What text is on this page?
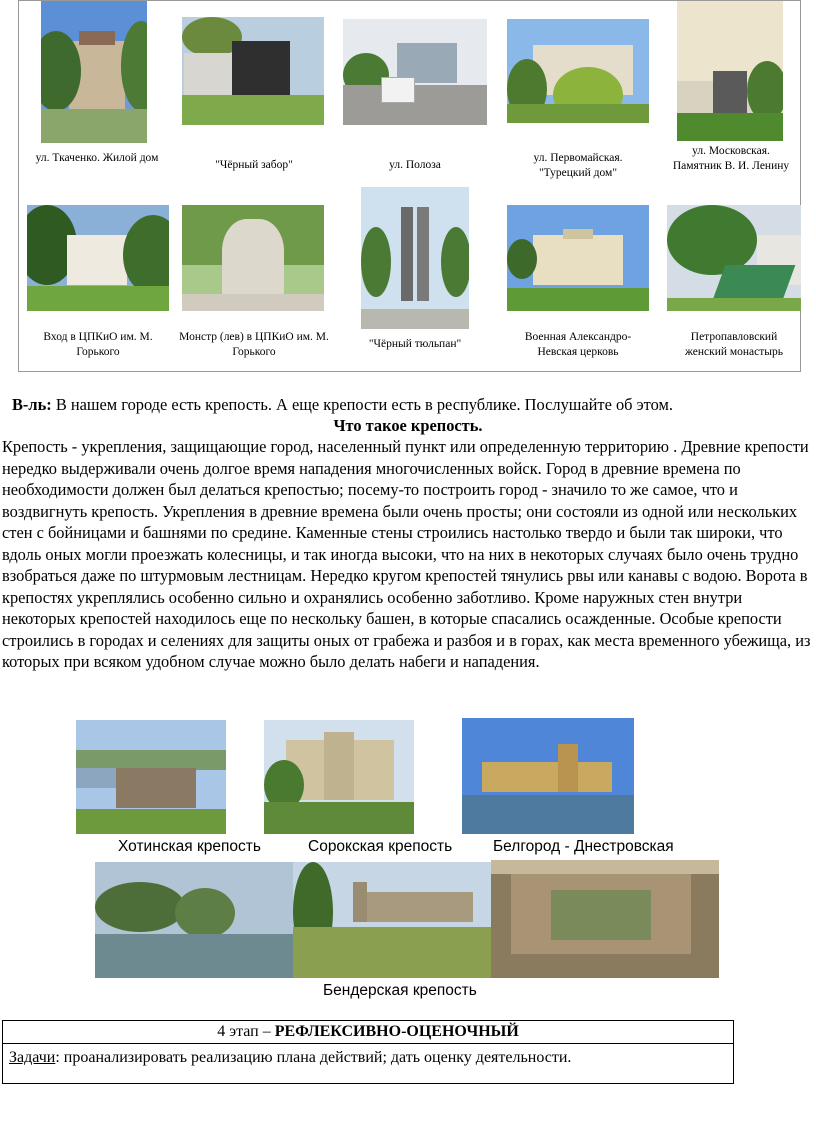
ул. Ткаченко. Жилой дом
"Чёрный забор"	ул. Полоза
ул. Первомайская. "Турецкий дом"
ул. Московская. Памятник В. И. Ленину
Вход в ЦПКиО им. М. Горького
Монстр (лев) в ЦПКиО им. М. Горького
"Чёрный тюльпан"
Военная Александро-Невская церковь
Петропавловский женский монастырь
В-ль: В нашем городе есть крепость. А еще крепости есть в республике. Послушайте об этом.
Что такое крепость.
Крепость - укрепления, защищающие город, населенный пункт или определенную территорию . Древние крепости нередко выдерживали очень долгое время нападения многочисленных войск. Город в древние времена по необходимости должен был делаться крепостью; посему-то построить город - значило то же самое, что и воздвигнуть крепость. Укрепления в древние времена были очень просты; они состояли из одной или нескольких стен с бойницами и башнями по средине. Каменные стены строились настолько твердо и были так широки, что вдоль оных могли проезжать колесницы, и так иногда высоки, что на них в некоторых случаях было очень трудно взобраться даже по штурмовым лестницам. Нередко кругом крепостей тянулись рвы или канавы с водою. Ворота в крепостях укреплялись особенно сильно и охранялись особенно заботливо. Кроме наружных стен внутри некоторых крепостей находилось еще по нескольку башен, в которые спасались осажденные. Особые крепости строились в городах и селениях для защиты оных от грабежа и разбоя и в горах, как места временного убежища, из которых при всяком удобном случае можно было делать набеги и нападения.
Хотинская крепость	Сорокская крепость	Белгород - Днестровская
Бендерская крепость
4 этап – РЕФЛЕКСИВНО-ОЦЕНОЧНЫЙ
Задачи: проанализировать реализацию плана действий; дать оценку деятельности.
